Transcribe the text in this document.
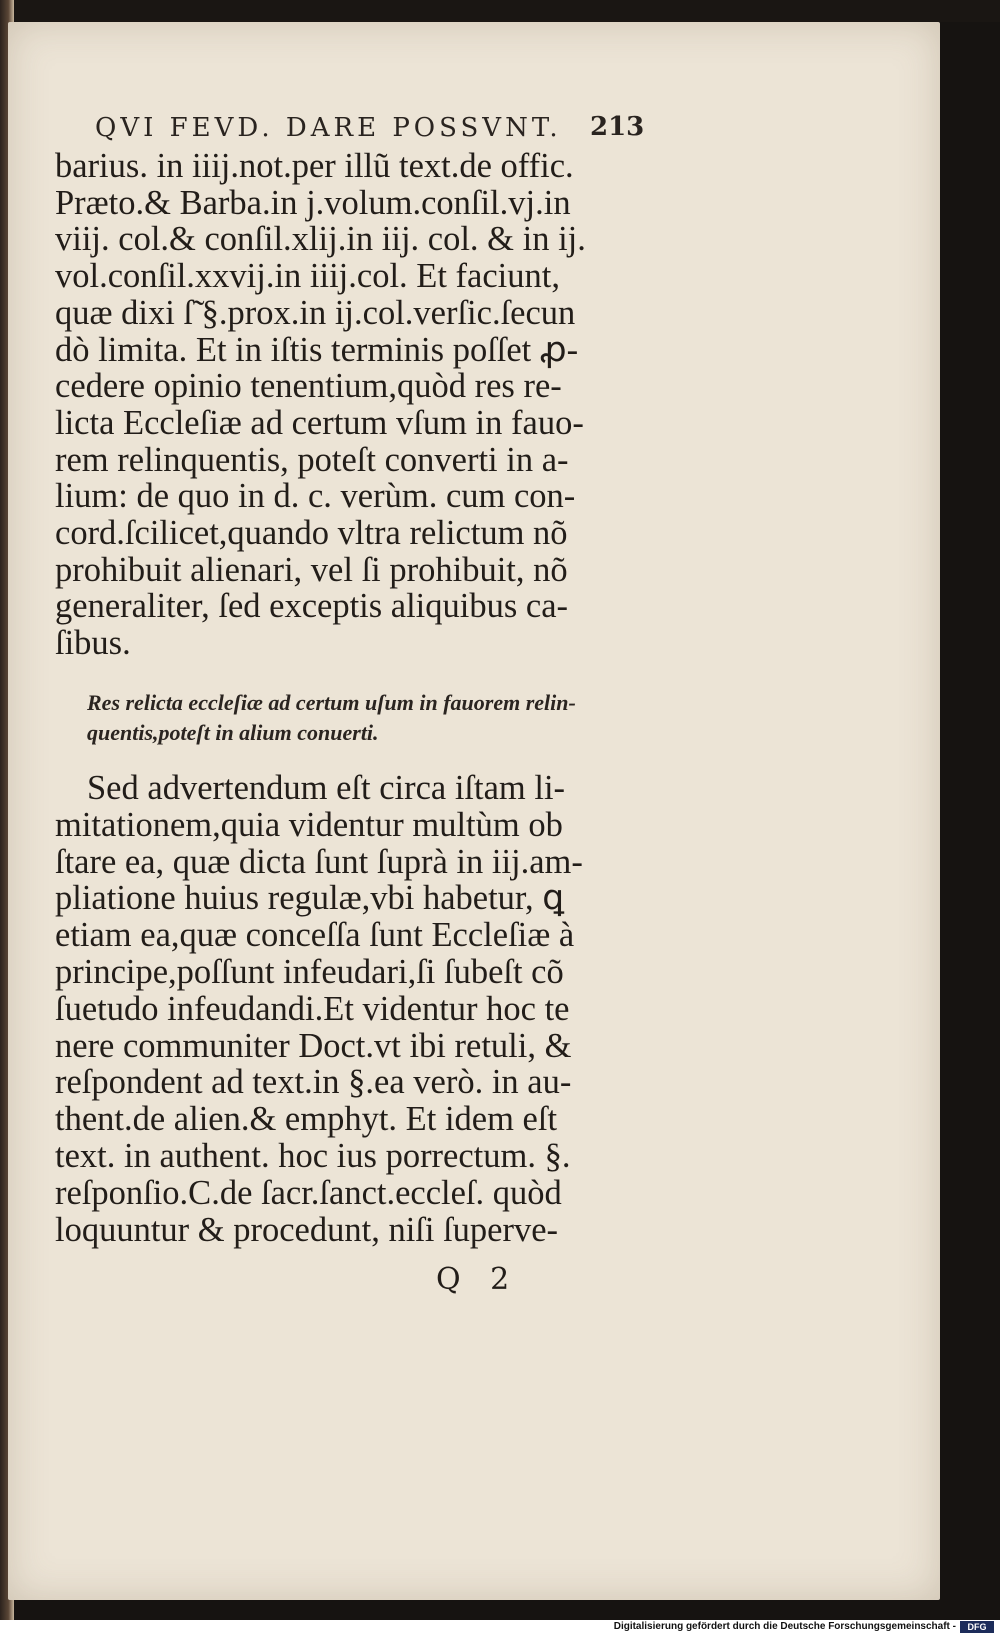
QVI FEVD. DARE POSSVNT.	213
barius. in iiij.not.per illũ text.de offic.
Præto.& Barba.in j.volum.conſil.vj.in
viij. col.& conſil.xlij.in iij. col. & in ij.
vol.conſil.xxvij.in iiij.col. Et faciunt,
quæ dixi ſ̃ §.prox.in ij.col.verſic.ſecun
dò limita. Et in iſtis terminis poſſet ꝓ-
cedere opinio tenentium,quòd res re-
licta Eccleſiæ ad certum vſum in fauo-
rem relinquentis, poteſt converti in a-
lium: de quo in d. c. verùm. cum con-
cord.ſcilicet,quando vltra relictum nõ
prohibuit alienari, vel ſi prohibuit, nõ
generaliter, ſed exceptis aliquibus ca-
ſibus.
Res relicta eccleſiæ ad certum uſum in fauorem relin-
quentis,poteſt in alium conuerti.
Sed advertendum eſt circa iſtam li-
mitationem,quia videntur multùm ob
ſtare ea, quæ dicta ſunt ſuprà in iij.am-
pliatione huius regulæ,vbi habetur, ꝗ
etiam ea,quæ conceſſa ſunt Eccleſiæ à
principe,poſſunt infeudari,ſi ſubeſt cõ
ſuetudo infeudandi.Et videntur hoc te
nere communiter Doct.vt ibi retuli, &
reſpondent ad text.in §.ea verò. in au-
thent.de alien.& emphyt. Et idem eſt
text. in authent. hoc ius porrectum. §.
reſponſio.C.de ſacr.ſanct.eccleſ. quòd
loquuntur & procedunt, niſi ſuperve-
Q 2
Digitalisierung gefördert durch die Deutsche Forschungsgemeinschaft -	DFG
